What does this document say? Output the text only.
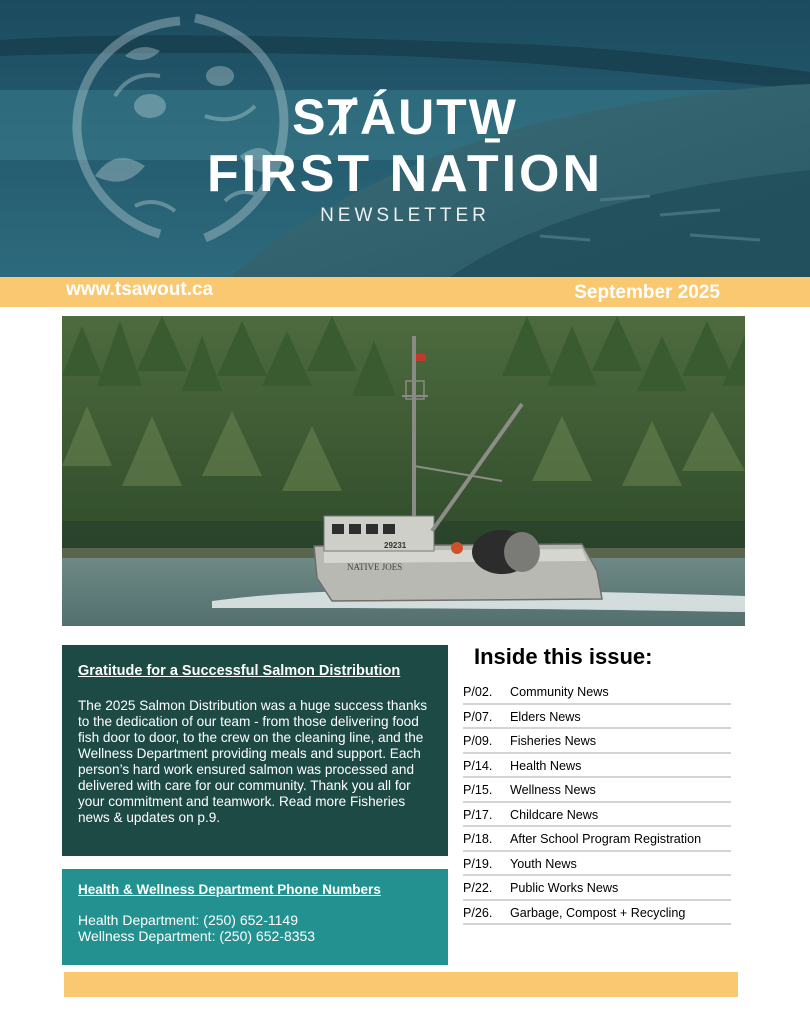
SȾÁUTW̱
FIRST NATION
NEWSLETTER
www.tsawout.ca	September 2025
29231
NATIVE JOES
Gratitude for a Successful Salmon Distribution

The 2025 Salmon Distribution was a huge success thanks to the dedication of our team - from those delivering food fish door to door, to the crew on the cleaning line, and the Wellness Department providing meals and support. Each person’s hard work ensured salmon was processed and delivered with care for our community. Thank you all for your commitment and teamwork. Read more Fisheries news & updates on p.9.

Health & Wellness Department Phone Numbers
Health Department: (250) 652-1149
Wellness Department: (250) 652-8353
Inside this issue:
P/02. Community News
P/07. Elders News
P/09. Fisheries News
P/14. Health News
P/15. Wellness News
P/17. Childcare News
P/18. After School Program Registration
P/19. Youth News
P/22. Public Works News
P/26. Garbage, Compost + Recycling
